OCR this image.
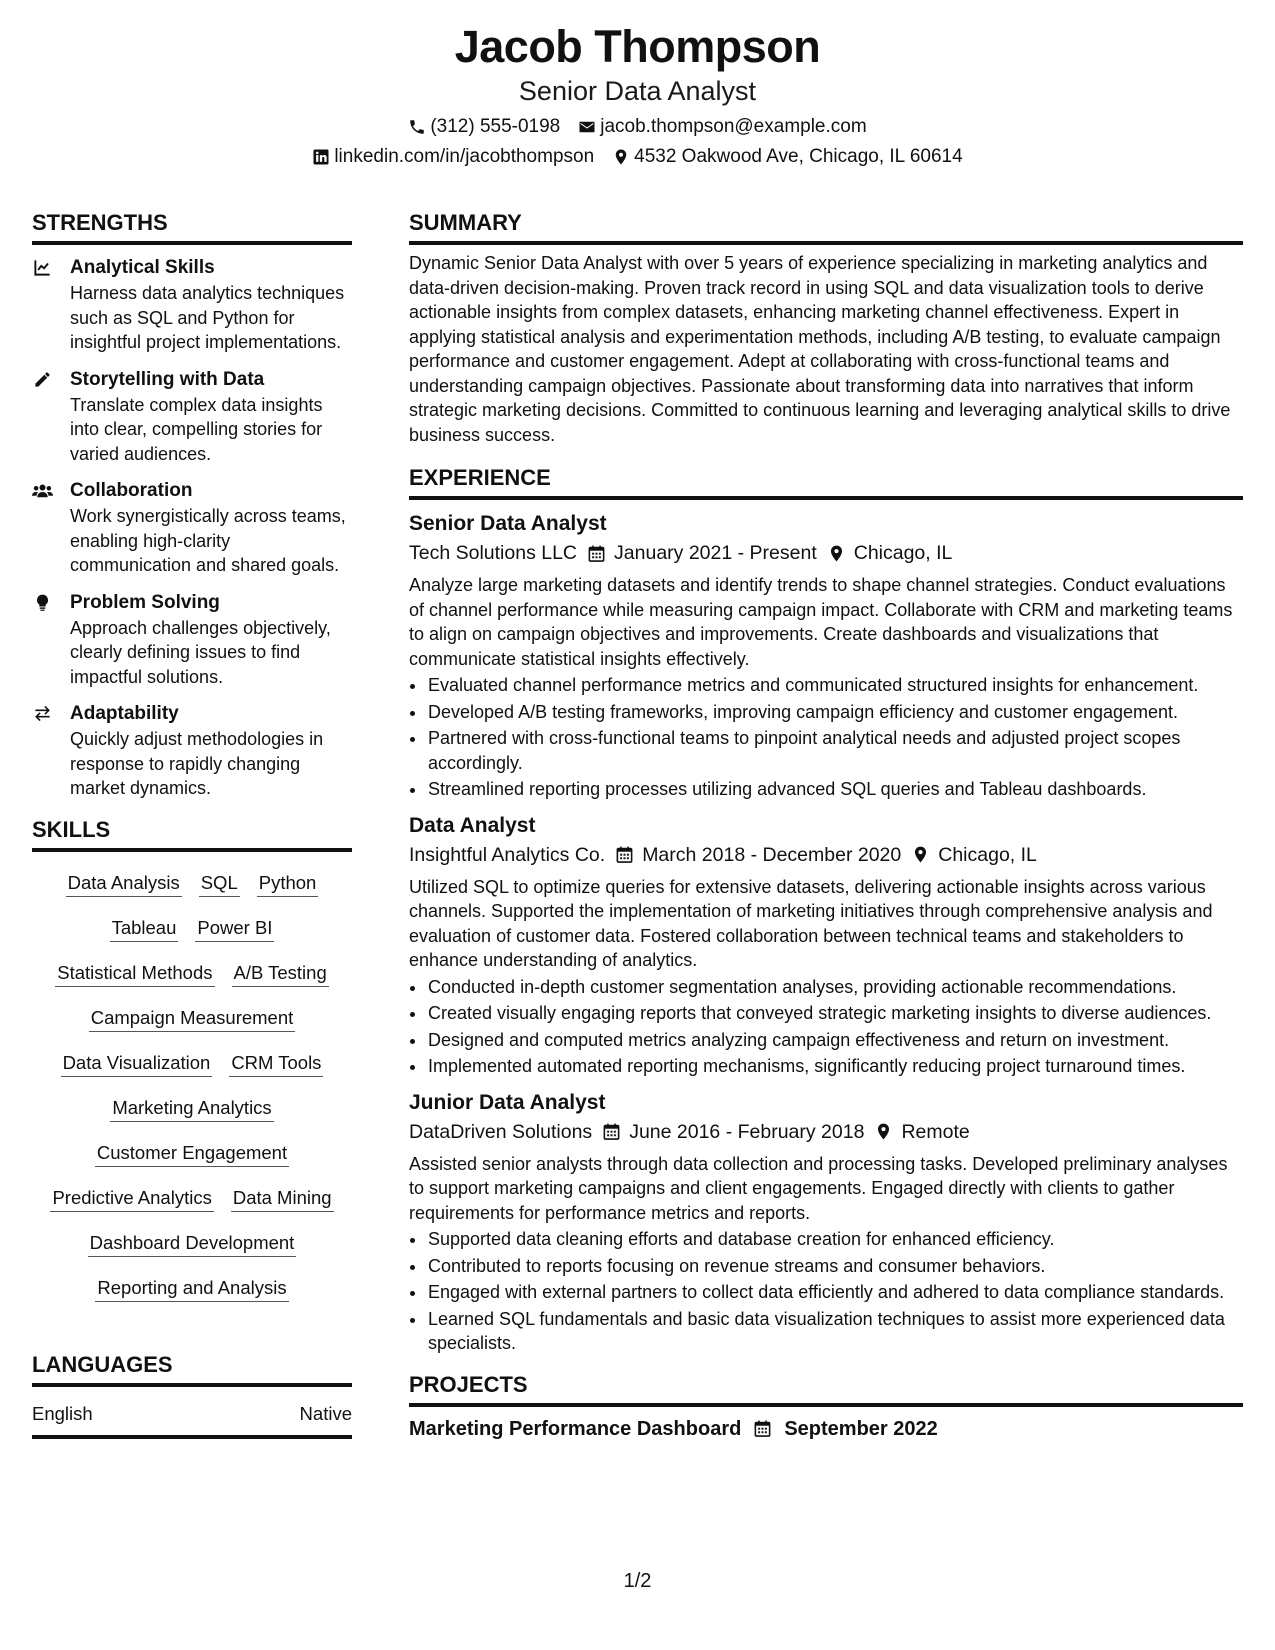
Jacob Thompson
Senior Data Analyst
(312) 555-0198 jacob.thompson@example.com
linkedin.com/in/jacobthompson 4532 Oakwood Ave, Chicago, IL 60614
STRENGTHS
Analytical Skills
Harness data analytics techniques such as SQL and Python for insightful project implementations.
Storytelling with Data
Translate complex data insights into clear, compelling stories for varied audiences.
Collaboration
Work synergistically across teams, enabling high-clarity communication and shared goals.
Problem Solving
Approach challenges objectively, clearly defining issues to find impactful solutions.
Adaptability
Quickly adjust methodologies in response to rapidly changing market dynamics.
SKILLS
Data Analysis SQL Python
Tableau Power BI
Statistical Methods A/B Testing
Campaign Measurement
Data Visualization CRM Tools
Marketing Analytics
Customer Engagement
Predictive Analytics Data Mining
Dashboard Development
Reporting and Analysis
LANGUAGES
English	Native
SUMMARY

Dynamic Senior Data Analyst with over 5 years of experience specializing in marketing analytics and data-driven decision-making. Proven track record in using SQL and data visualization tools to derive actionable insights from complex datasets, enhancing marketing channel effectiveness. Expert in applying statistical analysis and experimentation methods, including A/B testing, to evaluate campaign performance and customer engagement. Adept at collaborating with cross-functional teams and understanding campaign objectives. Passionate about transforming data into narratives that inform strategic marketing decisions. Committed to continuous learning and leveraging analytical skills to drive business success.

EXPERIENCE
Senior Data Analyst
Tech Solutions LLC January 2021 - Present Chicago, IL
Analyze large marketing datasets and identify trends to shape channel strategies. Conduct evaluations of channel performance while measuring campaign impact. Collaborate with CRM and marketing teams to align on campaign objectives and improvements. Create dashboards and visualizations that communicate statistical insights effectively.
• Evaluated channel performance metrics and communicated structured insights for enhancement.
• Developed A/B testing frameworks, improving campaign efficiency and customer engagement.
• Partnered with cross-functional teams to pinpoint analytical needs and adjusted project scopes accordingly.
• Streamlined reporting processes utilizing advanced SQL queries and Tableau dashboards.
Data Analyst
Insightful Analytics Co. March 2018 - December 2020 Chicago, IL
Utilized SQL to optimize queries for extensive datasets, delivering actionable insights across various channels. Supported the implementation of marketing initiatives through comprehensive analysis and evaluation of customer data. Fostered collaboration between technical teams and stakeholders to enhance understanding of analytics.
• Conducted in-depth customer segmentation analyses, providing actionable recommendations.
• Created visually engaging reports that conveyed strategic marketing insights to diverse audiences.
• Designed and computed metrics analyzing campaign effectiveness and return on investment.
• Implemented automated reporting mechanisms, significantly reducing project turnaround times.
Junior Data Analyst
DataDriven Solutions June 2016 - February 2018 Remote
Assisted senior analysts through data collection and processing tasks. Developed preliminary analyses to support marketing campaigns and client engagements. Engaged directly with clients to gather requirements for performance metrics and reports.
• Supported data cleaning efforts and database creation for enhanced efficiency.
• Contributed to reports focusing on revenue streams and consumer behaviors.
• Engaged with external partners to collect data efficiently and adhered to data compliance standards.
• Learned SQL fundamentals and basic data visualization techniques to assist more experienced data specialists.
PROJECTS
Marketing Performance Dashboard September 2022
1/2
